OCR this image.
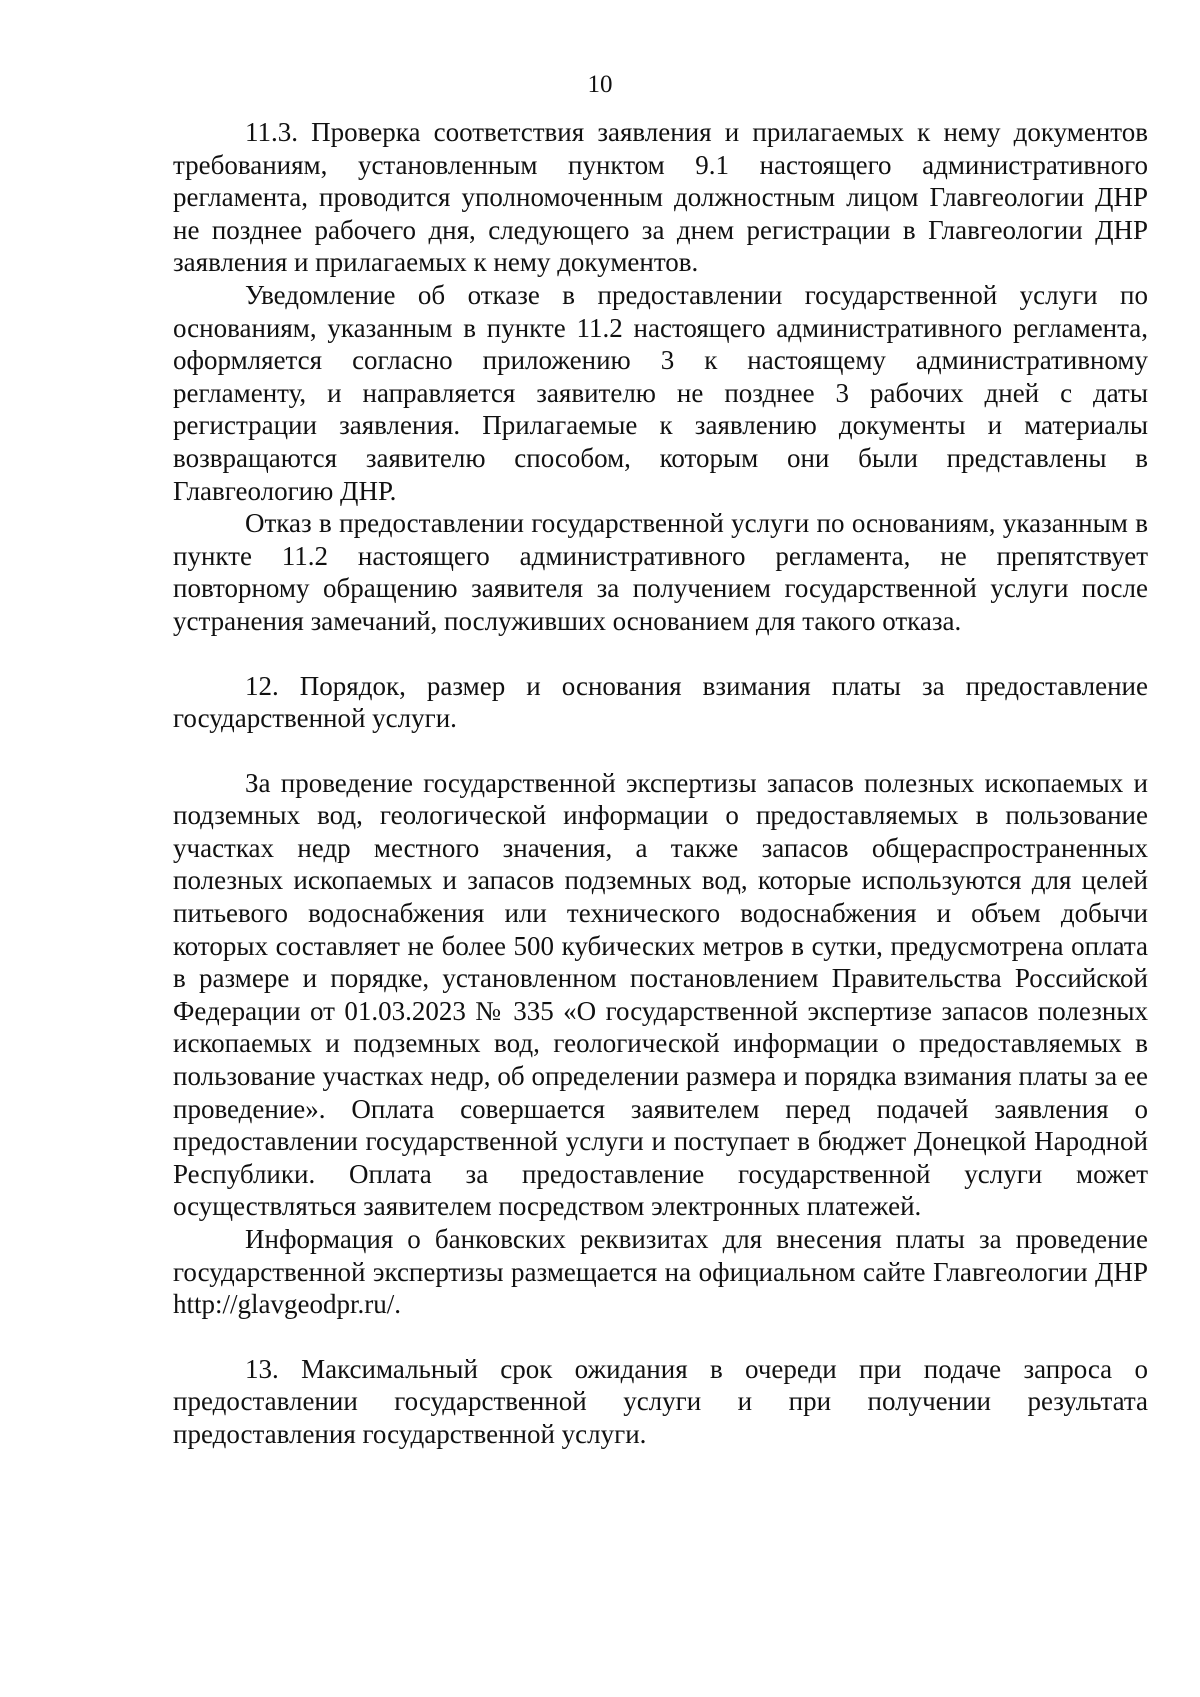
10

11.3. Проверка соответствия заявления и прилагаемых к нему документов требованиям, установленным пунктом 9.1 настоящего административного регламента, проводится уполномоченным должностным лицом Главгеологии ДНР не позднее рабочего дня, следующего за днем регистрации в Главгеологии ДНР заявления и прилагаемых к нему документов.

Уведомление об отказе в предоставлении государственной услуги по основаниям, указанным в пункте 11.2 настоящего административного регламента, оформляется согласно приложению 3 к настоящему административному регламенту, и направляется заявителю не позднее 3 рабочих дней с даты регистрации заявления. Прилагаемые к заявлению документы и материалы возвращаются заявителю способом, которым они были представлены в Главгеологию ДНР.

Отказ в предоставлении государственной услуги по основаниям, указанным в пункте 11.2 настоящего административного регламента, не препятствует повторному обращению заявителя за получением государственной услуги после устранения замечаний, послуживших основанием для такого отказа.

12. Порядок, размер и основания взимания платы за предоставление государственной услуги.

За проведение государственной экспертизы запасов полезных ископаемых и подземных вод, геологической информации о предоставляемых в пользование участках недр местного значения, а также запасов общераспространенных полезных ископаемых и запасов подземных вод, которые используются для целей питьевого водоснабжения или технического водоснабжения и объем добычи которых составляет не более 500 кубических метров в сутки, предусмотрена оплата в размере и порядке, установленном постановлением Правительства Российской Федерации от 01.03.2023 № 335 «О государственной экспертизе запасов полезных ископаемых и подземных вод, геологической информации о предоставляемых в пользование участках недр, об определении размера и порядка взимания платы за ее проведение». Оплата совершается заявителем перед подачей заявления о предоставлении государственной услуги и поступает в бюджет Донецкой Народной Республики. Оплата за предоставление государственной услуги может осуществляться заявителем посредством электронных платежей.

Информация о банковских реквизитах для внесения платы за проведение государственной экспертизы размещается на официальном сайте Главгеологии ДНР http://glavgeodpr.ru/.

13. Максимальный срок ожидания в очереди при подаче запроса о предоставлении государственной услуги и при получении результата предоставления государственной услуги.
